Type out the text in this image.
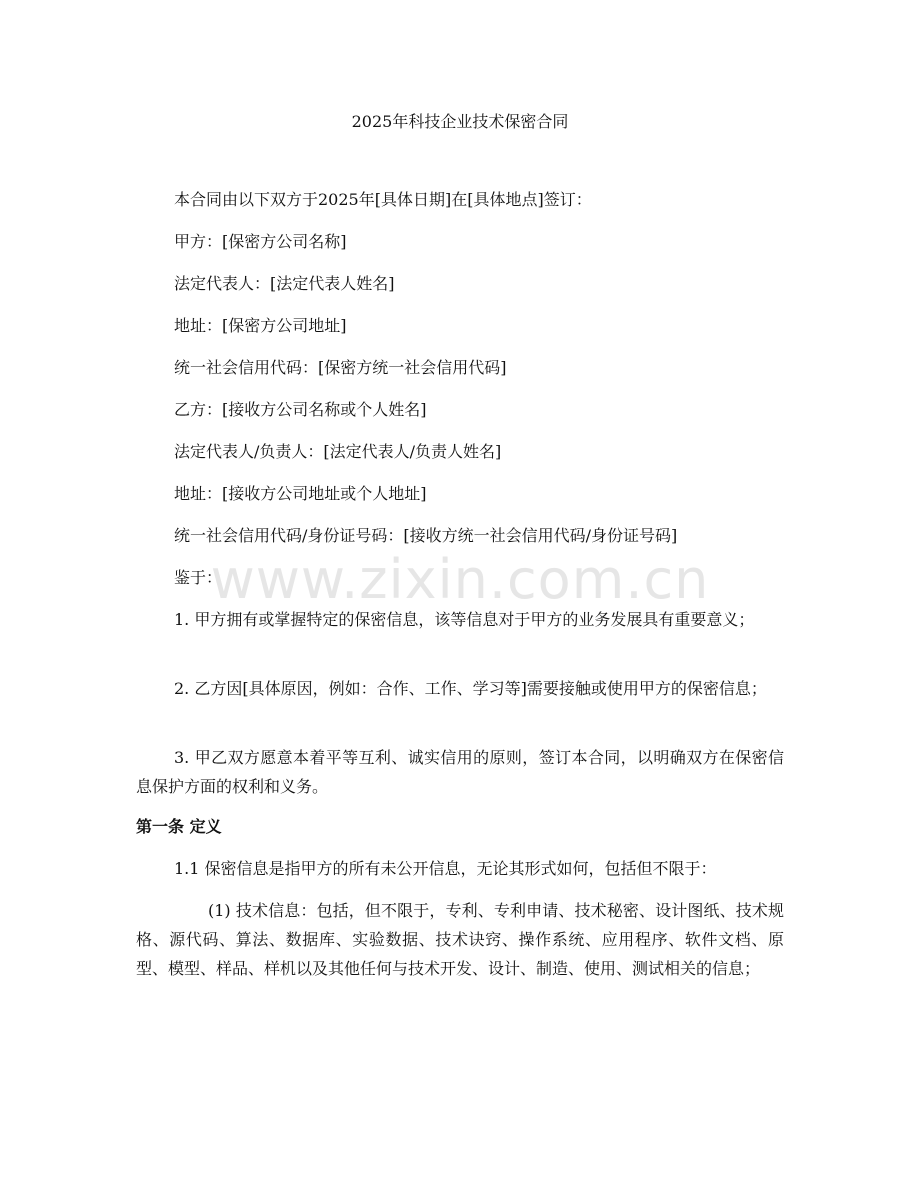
www.zixin.com.cn
2025年科技企业技术保密合同
本合同由以下双方于2025年[具体日期]在[具体地点]签订：
甲方：[保密方公司名称]
法定代表人：[法定代表人姓名]
地址：[保密方公司地址]
统一社会信用代码：[保密方统一社会信用代码]
乙方：[接收方公司名称或个人姓名]
法定代表人/负责人：[法定代表人/负责人姓名]
地址：[接收方公司地址或个人地址]
统一社会信用代码/身份证号码：[接收方统一社会信用代码/身份证号码]
鉴于：
1. 甲方拥有或掌握特定的保密信息，该等信息对于甲方的业务发展具有重要意义；
2. 乙方因[具体原因，例如：合作、工作、学习等]需要接触或使用甲方的保密信息；
3. 甲乙双方愿意本着平等互利、诚实信用的原则，签订本合同，以明确双方在保密信息保护方面的权利和义务。
第一条 定义
1.1 保密信息是指甲方的所有未公开信息，无论其形式如何，包括但不限于：
(1) 技术信息：包括，但不限于，专利、专利申请、技术秘密、设计图纸、技术规格、源代码、算法、数据库、实验数据、技术诀窍、操作系统、应用程序、软件文档、原型、模型、样品、样机以及其他任何与技术开发、设计、制造、使用、测试相关的信息；
